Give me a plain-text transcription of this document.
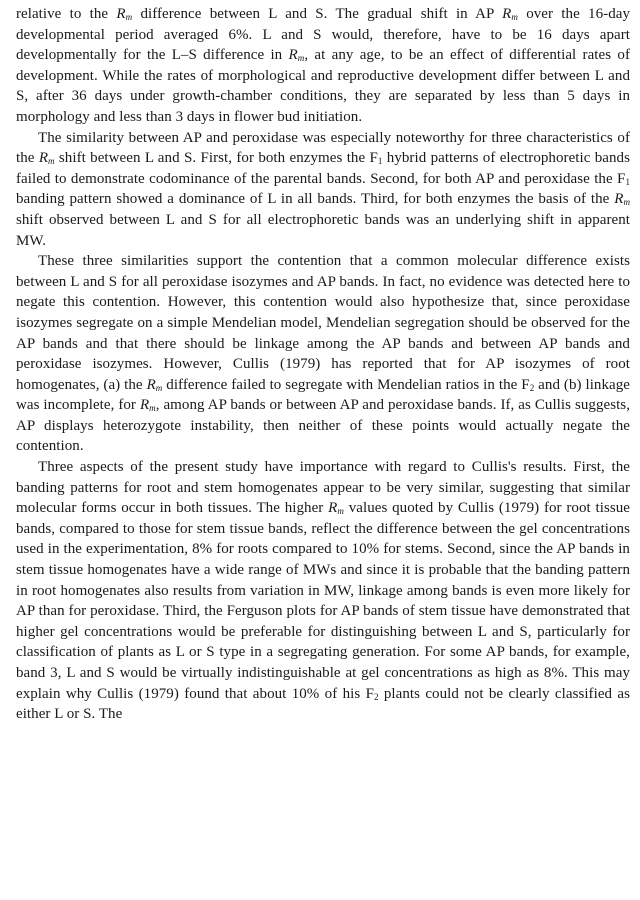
relative to the $R_m$ difference between L and S. The gradual shift in AP $R_m$ over the 16-day developmental period averaged 6%. L and S would, therefore, have to be 16 days apart developmentally for the L–S difference in $R_m$, at any age, to be an effect of differential rates of development. While the rates of morphological and reproductive development differ between L and S, after 36 days under growth-chamber conditions, they are separated by less than 5 days in morphology and less than 3 days in flower bud initiation.

The similarity between AP and peroxidase was especially noteworthy for three characteristics of the $R_m$ shift between L and S. First, for both enzymes the $F_1$ hybrid patterns of electrophoretic bands failed to demonstrate codominance of the parental bands. Second, for both AP and peroxidase the $F_1$ banding pattern showed a dominance of L in all bands. Third, for both enzymes the basis of the $R_m$ shift observed between L and S for all electrophoretic bands was an underlying shift in apparent MW.

These three similarities support the contention that a common molecular difference exists between L and S for all peroxidase isozymes and AP bands. In fact, no evidence was detected here to negate this contention. However, this contention would also hypothesize that, since peroxidase isozymes segregate on a simple Mendelian model, Mendelian segregation should be observed for the AP bands and that there should be linkage among the AP bands and between AP bands and peroxidase isozymes. However, Cullis (1979) has reported that for AP isozymes of root homogenates, (a) the $R_m$ difference failed to segregate with Mendelian ratios in the $F_2$ and (b) linkage was incomplete, for $R_m$, among AP bands or between AP and peroxidase bands. If, as Cullis suggests, AP displays heterozygote instability, then neither of these points would actually negate the contention.

Three aspects of the present study have importance with regard to Cullis's results. First, the banding patterns for root and stem homogenates appear to be very similar, suggesting that similar molecular forms occur in both tissues. The higher $R_m$ values quoted by Cullis (1979) for root tissue bands, compared to those for stem tissue bands, reflect the difference between the gel concentrations used in the experimentation, 8% for roots compared to 10% for stems. Second, since the AP bands in stem tissue homogenates have a wide range of MWs and since it is probable that the banding pattern in root homogenates also results from variation in MW, linkage among bands is even more likely for AP than for peroxidase. Third, the Ferguson plots for AP bands of stem tissue have demonstrated that higher gel concentrations would be preferable for distinguishing between L and S, particularly for classification of plants as L or S type in a segregating generation. For some AP bands, for example, band 3, L and S would be virtually indistinguishable at gel concentrations as high as 8%. This may explain why Cullis (1979) found that about 10% of his $F_2$ plants could not be clearly classified as either L or S. The
